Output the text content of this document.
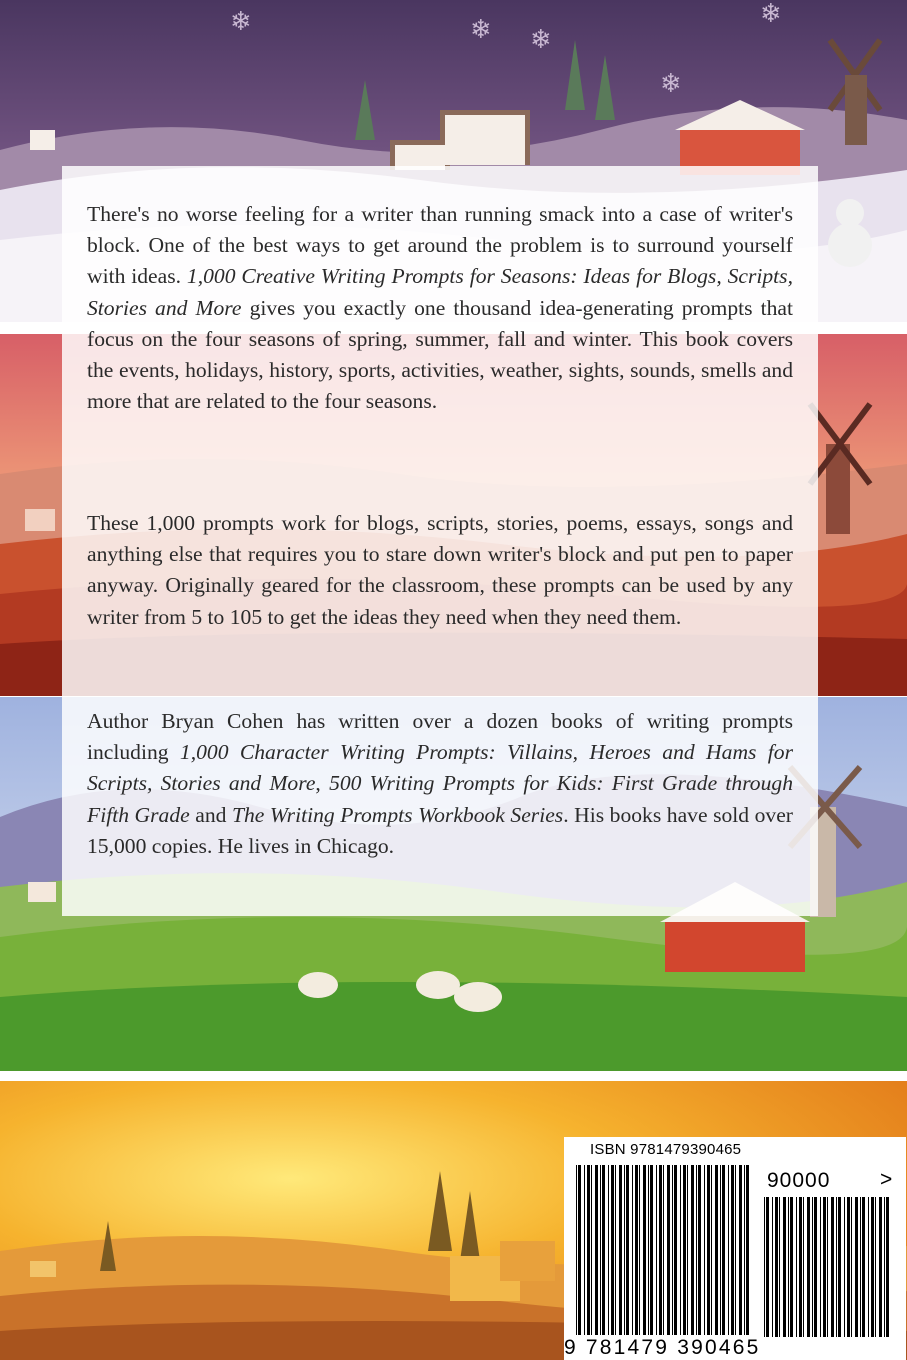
❄
❄
❄
❄
❄

There's no worse feeling for a writer than running smack into a case of writer's block. One of the best ways to get around the problem is to surround yourself with ideas. 1,000 Creative Writing Prompts for Seasons: Ideas for Blogs, Scripts, Stories and More gives you exactly one thousand idea-generating prompts that focus on the four seasons of spring, summer, fall and winter. This book covers the events, holidays, history, sports, activities, weather, sights, sounds, smells and more that are related to the four seasons.

These 1,000 prompts work for blogs, scripts, stories, poems, essays, songs and anything else that requires you to stare down writer's block and put pen to paper anyway. Originally geared for the classroom, these prompts can be used by any writer from 5 to 105 to get the ideas they need when they need them.

Author Bryan Cohen has written over a dozen books of writing prompts including 1,000 Character Writing Prompts: Villains, Heroes and Hams for Scripts, Stories and More, 500 Writing Prompts for Kids: First Grade through Fifth Grade and The Writing Prompts Workbook Series. His books have sold over 15,000 copies. He lives in Chicago.

ISBN 9781479390465
90000 >
9 781479 390465
